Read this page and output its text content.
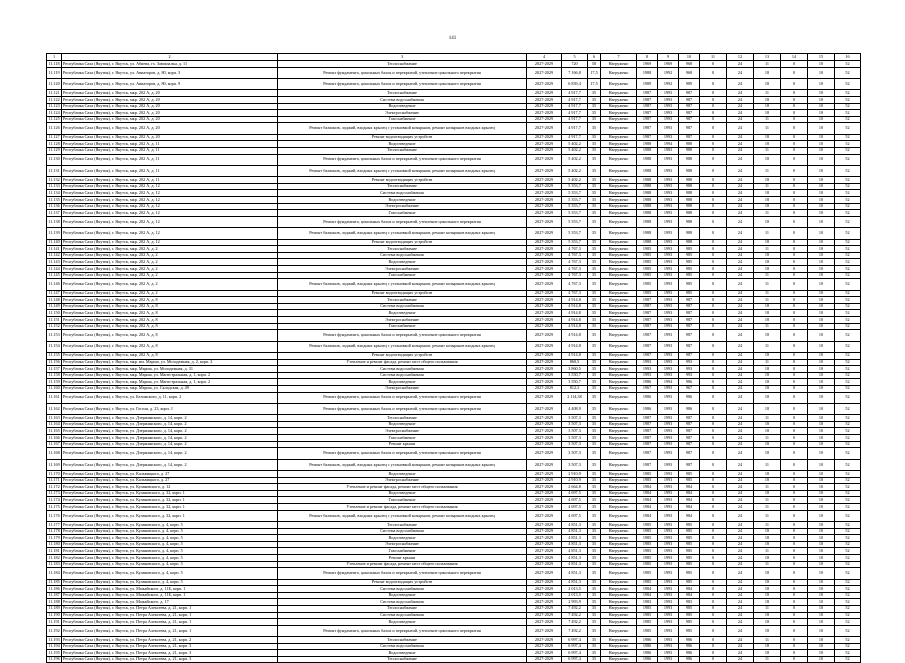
141
1	2	3	4	5	6	7	8	9	10	11	12	13	14	15	16
11.118	Республика Саха (Якутия), г. Якутск, ул. Абиева, гх. Завокзальн. д. 11	Теплоснабжение	2027-2029	720	58	Нагружено	1969	1969	968	0	24	11	0	10	52
11.119	Республика Саха (Якутия), г. Якутск, ул. Авиаторов, д. 80, корп. 3	Ремонт фундамента, цокольных балок и перекрытий, утепление цокольного перекрытия	2027-2029	7 166,8	17,5	Нагружено	1988	1992	968	0	24	18	0	10	52
11.120	Республика Саха (Якутия), г. Якутск, ул. Авиаторов, д. 80, корп. 9	Ремонт фундамента, цокольных балок и перекрытий, утепление цокольного перекрытия	2027-2029	6 839,4	17,5	Нагружено	1989	1992	989	0	24	18	0	10	52
11.121	Республика Саха (Якутия), г. Якутск, мкр. 202 А, д. 20	Теплоснабжение	2027-2029	4 917,7	35	Нагружено	1987	1993	987	0	24	11	0	10	52
11.122	Республика Саха (Якутия), г. Якутск, мкр. 202 А, д. 20	Система водоснабжения	2027-2029	4 917,7	35	Нагружено	1987	1993	987	0	24	18	0	10	52
11.123	Республика Саха (Якутия), г. Якутск, мкр. 202 А, д. 20	Водоотведение	2027-2029	4 917,7	35	Нагружено	1987	1993	987	0	24	18	0	10	52
11.124	Республика Саха (Якутия), г. Якутск, мкр. 202 А, д. 20	Электроснабжение	2027-2029	4 917,7	35	Нагружено	1987	1993	987	0	24	18	0	10	52
11.125	Республика Саха (Якутия), г. Якутск, мкр. 202 А, д. 20	Газоснабжение	2027-2029	4 917,7	35	Нагружено	1987	1993	987	0	24	11	0	10	52
11.126	Республика Саха (Якутия), г. Якутск, мкр. 202 А, д. 20	Ремонт балконов, лоджий, входных крылец с установкой козырьков, ремонт козырьков входных крылец	2027-2029	4 917,7	35	Нагружено	1987	1993	987	0	24	11	0	10	52
11.127	Республика Саха (Якутия), г. Якутск, мкр. 202 А, д. 20	Ремонт водоотводящих устройств	2027-2029	4 917,7	35	Нагружено	1987	1993	987	0	24	18	0	10	52
11.128	Республика Саха (Якутия), г. Якутск, мкр. 202 А, д. 11	Водоотведение	2027-2029	5 402,2	35	Нагружено	1988	1994	988	0	24	18	0	10	52
11.129	Республика Саха (Якутия), г. Якутск, мкр. 202 А, д. 11	Теплоснабжение	2027-2029	5 402,2	35	Нагружено	1988	1983	988	0	24	11	0	10	52
11.130	Республика Саха (Якутия), г. Якутск, мкр. 202 А, д. 11	Ремонт фундамента, цокольных балок и перекрытий, утепление цокольного перекрытия	2027-2029	5 402,2	35	Нагружено	1988	1993	988	0	24	18	0	10	52
11.131	Республика Саха (Якутия), г. Якутск, мкр. 202 А, д. 11	Ремонт балконов, лоджий, входных крылец с установкой козырьков, ремонт козырьков входных крылец	2027-2029	5 402,2	35	Нагружено	1988	1993	988	0	24	11	0	10	52
11.132	Республика Саха (Якутия), г. Якутск, мкр. 202 А, д. 11	Ремонт водоотводящих устройств	2027-2029	5 402,2	35	Нагружено	1988	1993	988	0	24	18	0	10	52
11.133	Республика Саха (Якутия), г. Якутск, мкр. 202 А, д. 12	Теплоснабжение	2027-2029	5 353,7	35	Нагружено	1988	1993	988	0	24	11	0	10	52
11.134	Республика Саха (Якутия), г. Якутск, мкр. 202 А, д. 12	Система водоснабжения	2027-2029	5 353,7	35	Нагружено	1988	1993	988	0	24	18	0	10	52
11.135	Республика Саха (Якутия), г. Якутск, мкр. 202 А, д. 12	Водоотведение	2027-2029	5 353,7	35	Нагружено	1988	1993	988	0	24	18	0	10	52
11.136	Республика Саха (Якутия), г. Якутск, мкр. 202 А, д. 12	Электроснабжение	2027-2029	5 353,7	35	Нагружено	1988	1993	988	0	24	18	0	10	52
11.137	Республика Саха (Якутия), г. Якутск, мкр. 202 А, д. 12	Газоснабжение	2027-2029	5 353,7	35	Нагружено	1988	1993	988	0	24	11	0	10	52
11.138	Республика Саха (Якутия), г. Якутск, мкр. 202 А, д. 12	Ремонт фундамента, цокольных балок и перекрытий, утепление цокольного перекрытия	2027-2029	5 353,7	35	Нагружено	1988	1993	988	0	24	18	0	10	52
11.139	Республика Саха (Якутия), г. Якутск, мкр. 202 А, д. 12	Ремонт балконов, лоджий, входных крылец с установкой козырьков, ремонт козырьков входных крылец	2027-2029	5 353,7	35	Нагружено	1988	1993	988	0	24	11	0	10	52
11.140	Республика Саха (Якутия), г. Якутск, мкр. 202 А, д. 12	Ремонт водоотводящих устройств	2027-2029	5 353,7	35	Нагружено	1988	1993	988	0	24	18	0	10	52
11.141	Республика Саха (Якутия), г. Якутск, мкр. 202 А, д. 2	Теплоснабжение	2027-2029	4 767,3	35	Нагружено	1985	1993	985	0	24	11	0	10	52
11.142	Республика Саха (Якутия), г. Якутск, мкр. 202 А, д. 2	Система водоснабжения	2027-2029	4 767,3	35	Нагружено	1985	1993	985	0	24	18	0	10	52
11.143	Республика Саха (Якутия), г. Якутск, мкр. 202 А, д. 2	Водоотведение	2027-2029	4 767,3	35	Нагружено	1985	1993	985	0	24	18	0	10	52
11.144	Республика Саха (Якутия), г. Якутск, мкр. 202 А, д. 2	Электроснабжение	2027-2029	4 767,3	35	Нагружено	1985	1993	985	0	24	18	0	10	52
11.145	Республика Саха (Якутия), г. Якутск, мкр. 202 А, д. 2	Газоснабжение	2027-2029	4 767,3	35	Нагружено	1985	1993	985	0	24	11	0	10	52
11.146	Республика Саха (Якутия), г. Якутск, мкр. 202 А, д. 2	Ремонт балконов, лоджий, входных крылец с установкой козырьков, ремонт козырьков входных крылец	2027-2029	4 767,3	35	Нагружено	1985	1993	985	0	24	11	0	10	52
11.147	Республика Саха (Якутия), г. Якутск, мкр. 202 А, д. 2	Ремонт водоотводящих устройств	2027-2029	4 767,3	35	Нагружено	1985	1993	985	0	24	11	0	10	52
11.148	Республика Саха (Якутия), г. Якутск, мкр. 202 А, д. 8	Теплоснабжение	2027-2029	4 914,8	35	Нагружено	1987	1993	987	0	24	11	0	10	52
11.149	Республика Саха (Якутия), г. Якутск, мкр. 202 А, д. 8	Система водоснабжения	2027-2029	4 914,8	35	Нагружено	1987	1993	987	0	24	18	0	10	52
11.150	Республика Саха (Якутия), г. Якутск, мкр. 202 А, д. 8	Водоотведение	2027-2029	4 914,8	35	Нагружено	1987	1993	987	0	24	18	0	10	52
11.151	Республика Саха (Якутия), г. Якутск, мкр. 202 А, д. 8	Электроснабжение	2027-2029	4 914,8	35	Нагружено	1987	1993	987	0	24	18	0	10	52
11.152	Республика Саха (Якутия), г. Якутск, мкр. 202 А, д. 8	Газоснабжение	2027-2029	4 914,8	35	Нагружено	1987	1993	987	0	24	11	0	10	52
11.153	Республика Саха (Якутия), г. Якутск, мкр. 202 А, д. 8	Ремонт фундамента, цокольных балок и перекрытий, утепление цокольного перекрытия	2027-2029	4 914,8	35	Нагружено	1987	1993	987	0	24	18	0	10	52
11.154	Республика Саха (Якутия), г. Якутск, мкр. 202 А, д. 8	Ремонт балконов, лоджий, входных крылец с установкой козырьков, ремонт козырьков входных крылец	2027-2029	4 914,8	35	Нагружено	1987	1993	987	0	24	11	0	10	52
11.155	Республика Саха (Якутия), г. Якутск, мкр. 202 А, д. 8	Ремонт водоотводящих устройств	2027-2029	4 914,8	35	Нагружено	1987	1993	987	0	24	18	0	10	52
11.156	Республика Саха (Якутия), г. Якутск, мкр. им. Марша, ул. Молодежная, д. 2, корп. 2	Утепление и ремонт фасада, ремонт мест общего пользования	2027-2029	860,5	35	Нагружено	1993	1993	993	0	24	11	0	10	52
11.157	Республика Саха (Якутия), г. Якутск, мкр. Марша, ул. Молодежная, д. 31	Система водоснабжения	2027-2029	3 860,5	35	Нагружено	1993	1993	993	0	24	18	0	10	52
11.158	Республика Саха (Якутия), г. Якутск, мкр. Марша, ул. Магистральная, д. 1, корп. 2	Система водоснабжения	2027-2029	3 550,7	35	Нагружено	1993	1993	993	0	24	18	0	10	52
11.159	Республика Саха (Якутия), г. Якутск, мкр. Марша, ул. Магистральная, д. 1, корп. 2	Водоотведение	2027-2029	3 550,7	35	Нагружено	1986	1994	986	0	24	18	0	10	52
11.160	Республика Саха (Якутия), г. Якутск, мкр. Марша, ул. Складская, д. 49	Электроснабжение	2027-2029	812,3	35	Нагружено	1967	1993	967	0	24	18	0	10	52
11.161	Республика Саха (Якутия), г. Якутск, ул. Белинского, д. 11, корп. 2	Ремонт фундамента, цокольных балок и перекрытий, утепление цокольного перекрытия	2027-2029	2 114,38	35	Нагружено	1986	1993	986	0	24	18	0	10	52
11.162	Республика Саха (Якутия), г. Якутск, ул. Гоголя, д. 23, корп. 1	Ремонт фундамента, цокольных балок и перекрытий, утепление цокольного перекрытия	2027-2029	4 408,9	35	Нагружено	1986	1993	986	0	24	18	0	10	52
11.163	Республика Саха (Якутия), г. Якутск, ул. Дзержинского, д. 14, корп. 2	Теплоснабжение	2027-2029	3 507,3	35	Нагружено	1987	1993	987	0	24	11	0	10	52
11.164	Республика Саха (Якутия), г. Якутск, ул. Дзержинского, д. 14, корп. 2	Водоотведение	2027-2029	3 507,3	35	Нагружено	1987	1993	987	0	24	18	0	10	52
11.165	Республика Саха (Якутия), г. Якутск, ул. Дзержинского, д. 14, корп. 2	Электроснабжение	2027-2029	3 507,3	35	Нагружено	1987	1993	987	0	24	18	0	10	52
11.166	Республика Саха (Якутия), г. Якутск, ул. Дзержинского, д. 14, корп. 2	Газоснабжение	2027-2029	3 507,3	35	Нагружено	1987	1993	987	0	24	11	0	10	52
11.167	Республика Саха (Якутия), г. Якутск, ул. Дзержинского, д. 14, корп. 2	Ремонт крыши	2027-2029	3 507,3	35	Нагружено	1987	1993	987	0	24	18	0	10	52
11.168	Республика Саха (Якутия), г. Якутск, ул. Дзержинского, д. 14, корп. 2	Ремонт фундамента, цокольных балок и перекрытий, утепление цокольного перекрытия	2027-2029	3 507,3	35	Нагружено	1987	1993	987	0	24	18	0	10	52
11.169	Республика Саха (Якутия), г. Якутск, ул. Дзержинского, д. 14, корп. 2	Ремонт балконов, лоджий, входных крылец с установкой козырьков, ремонт козырьков входных крылец	2027-2029	3 507,3	35	Нагружено	1987	1993	987	0	24	11	0	10	52
11.170	Республика Саха (Якутия), г. Якутск, ул. Кальвицкого, д. 27	Водоотведение	2027-2029	2 910,9	35	Нагружено	1985	1993	985	0	24	18	0	10	52
11.171	Республика Саха (Якутия), г. Якутск, ул. Кальвицкого, д. 27	Электроснабжение	2027-2029	2 910,9	35	Нагружено	1985	1993	985	0	24	18	0	10	52
11.172	Республика Саха (Якутия), г. Якутск, ул. Кулаковского, д. 12	Утепление и ремонт фасада, ремонт мест общего пользования	2027-2029	2 664,8	35	Нагружено	1984	1993	984	0	24	11	0	10	52
11.173	Республика Саха (Якутия), г. Якутск, ул. Кулаковского, д. 32, корп. 1	Водоотведение	2027-2029	4 697,5	35	Нагружено	1984	1993	984	0	24	18	0	10	52
11.174	Республика Саха (Якутия), г. Якутск, ул. Кулаковского, д. 32, корп. 1	Газоснабжение	2027-2029	4 697,5	35	Нагружено	1984	1993	984	0	24	11	0	10	52
11.175	Республика Саха (Якутия), г. Якутск, ул. Кулаковского, д. 32, корп. 1	Утепление и ремонт фасада, ремонт мест общего пользования	2027-2029	4 697,5	35	Нагружено	1984	1993	984	0	24	11	0	10	52
11.176	Республика Саха (Якутия), г. Якутск, ул. Кулаковского, д. 32, корп. 1	Ремонт балконов, лоджий, входных крылец с установкой козырьков, ремонт козырьков входных крылец	2027-2029	4 697,5	35	Нагружено	1984	1993	984	0	24	11	0	10	52
11.177	Республика Саха (Якутия), г. Якутск, ул. Кулаковского, д. 4, корп. 5	Теплоснабжение	2027-2029	4 851,3	35	Нагружено	1985	1993	985	0	24	11	0	10	52
11.178	Республика Саха (Якутия), г. Якутск, ул. Кулаковского, д. 4, корп. 5	Система водоснабжения	2027-2029	4 851,3	35	Нагружено	1985	1993	985	0	24	18	0	10	52
11.179	Республика Саха (Якутия), г. Якутск, ул. Кулаковского, д. 4, корп. 5	Водоотведение	2027-2029	4 851,3	35	Нагружено	1985	1993	985	0	24	18	0	10	52
11.180	Республика Саха (Якутия), г. Якутск, ул. Кулаковского, д. 4, корп. 5	Электроснабжение	2027-2029	4 851,3	35	Нагружено	1985	1993	985	0	24	18	0	10	52
11.181	Республика Саха (Якутия), г. Якутск, ул. Кулаковского, д. 4, корп. 5	Газоснабжение	2027-2029	4 851,3	35	Нагружено	1985	1993	985	0	24	11	0	10	52
11.182	Республика Саха (Якутия), г. Якутск, ул. Кулаковского, д. 4, корп. 5	Ремонт крыши	2027-2029	4 851,3	35	Нагружено	1985	1993	985	0	24	18	0	10	52
11.183	Республика Саха (Якутия), г. Якутск, ул. Кулаковского, д. 4, корп. 5	Утепление и ремонт фасада, ремонт мест общего пользования	2027-2029	4 851,3	35	Нагружено	1985	1993	985	0	24	11	0	10	52
11.184	Республика Саха (Якутия), г. Якутск, ул. Кулаковского, д. 4, корп. 5	Ремонт фундамента, цокольных балок и перекрытий, утепление цокольного перекрытия	2027-2029	4 851,3	35	Нагружено	1985	1993	985	0	24	18	0	10	52
11.185	Республика Саха (Якутия), г. Якутск, ул. Кулаковского, д. 4, корп. 5	Ремонт водоотводящих устройств	2027-2029	4 851,3	35	Нагружено	1985	1993	985	0	24	18	0	10	52
11.186	Республика Саха (Якутия), г. Якутск, ул. Можайского, д. 11Б, корп. 1	Система водоснабжения	2027-2029	2 013,5	35	Нагружено	1984	1993	984	0	24	18	0	10	52
11.187	Республика Саха (Якутия), г. Якутск, ул. Можайского, д. 11Б, корп. 1	Водоотведение	2027-2029	2 013,5	35	Нагружено	1984	1993	984	0	24	18	0	10	52
11.188	Республика Саха (Якутия), г. Якутск, ул. Можайского, д. 17	Система водоснабжения	2027-2029	2 993,9	35	Нагружено	1983	1993	983	0	24	18	0	10	52
11.189	Республика Саха (Якутия), г. Якутск, ул. Петра Алексеева, д. 21, корп. 1	Теплоснабжение	2027-2029	7 492,2	35	Нагружено	1985	1993	985	0	24	11	0	10	52
11.190	Республика Саха (Якутия), г. Якутск, ул. Петра Алексеева, д. 21, корп. 1	Система водоснабжения	2027-2029	7 492,2	35	Нагружено	1985	1993	985	0	24	18	0	10	52
11.191	Республика Саха (Якутия), г. Якутск, ул. Петра Алексеева, д. 21, корп. 1	Водоотведение	2027-2029	7 492,2	35	Нагружено	1985	1993	985	0	24	18	0	10	52
11.192	Республика Саха (Якутия), г. Якутск, ул. Петра Алексеева, д. 21, корп. 1	Ремонт фундамента, цокольных балок и перекрытий, утепление цокольного перекрытия	2027-2029	7 492,2	35	Нагружено	1985	1993	985	0	24	18	0	10	52
11.193	Республика Саха (Якутия), г. Якутск, ул. Петра Алексеева, д. 21, корп. 2	Теплоснабжение	2027-2029	6 997,4	35	Нагружено	1986	1993	986	0	24	11	0	10	52
11.194	Республика Саха (Якутия), г. Якутск, ул. Петра Алексеева, д. 21, корп. 3	Система водоснабжения	2027-2029	6 997,4	35	Нагружено	1986	1993	986	0	24	18	0	10	52
11.195	Республика Саха (Якутия), г. Якутск, ул. Петра Алексеева, д. 21, корп. 3	Водоотведение	2027-2029	6 997,4	35	Нагружено	1986	1993	986	0	24	18	0	10	52
11.196	Республика Саха (Якутия), г. Якутск, ул. Петра Алексеева, д. 21, корп. 3	Теплоснабжение	2027-2029	6 997,4	35	Нагружено	1986	1993	986	0	24	11	0	10	52
